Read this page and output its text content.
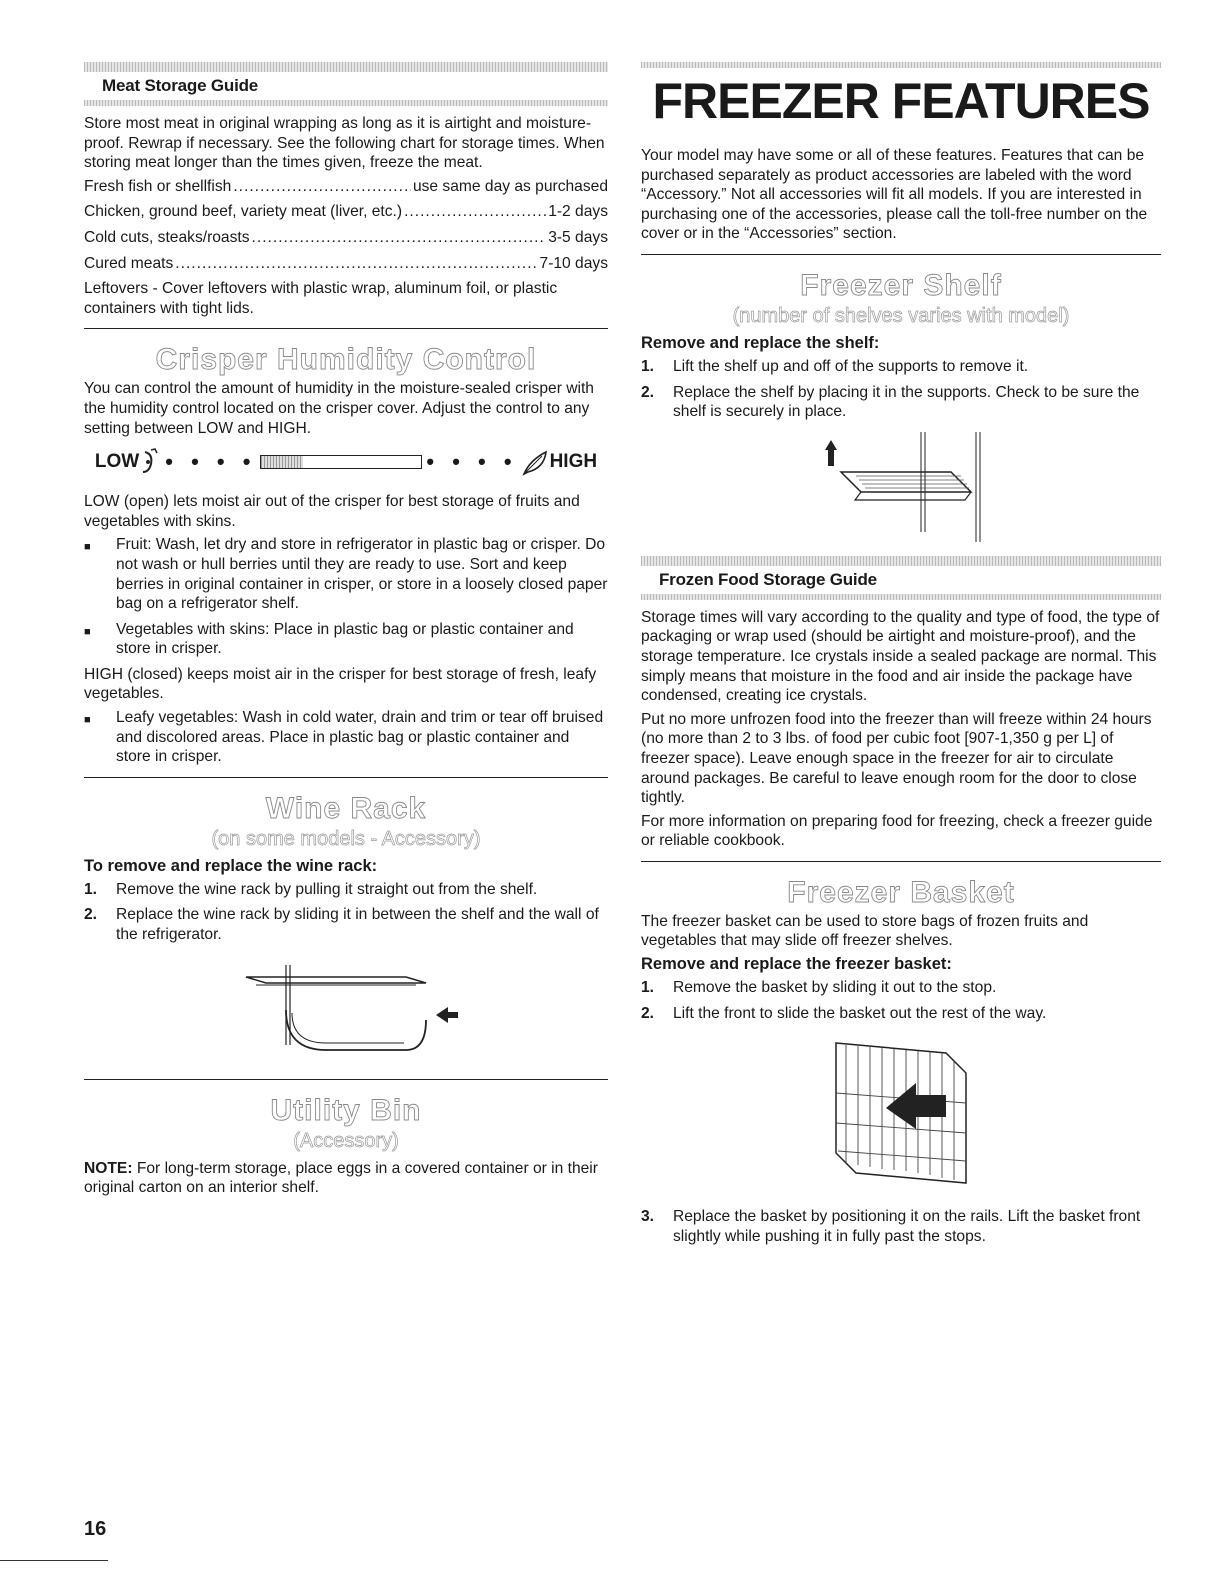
Meat Storage Guide

Store most meat in original wrapping as long as it is airtight and moisture-proof. Rewrap if necessary. See the following chart for storage times. When storing meat longer than the times given, freeze the meat.

Fresh fish or shellfish .....	use same day as purchased
Chicken, ground beef, variety meat (liver, etc.) .....	1-2 days
Cold cuts, steaks/roasts .....	3-5 days
Cured meats .....	7-10 days

Leftovers - Cover leftovers with plastic wrap, aluminum foil, or plastic containers with tight lids.

Crisper Humidity Control

You can control the amount of humidity in the moisture-sealed crisper with the humidity control located on the crisper cover. Adjust the control to any setting between LOW and HIGH.

LOW • • • •	• • • • HIGH

LOW (open) lets moist air out of the crisper for best storage of fruits and vegetables with skins.

■	Fruit: Wash, let dry and store in refrigerator in plastic bag or crisper. Do not wash or hull berries until they are ready to use. Sort and keep berries in original container in crisper, or store in a loosely closed paper bag on a refrigerator shelf.
■	Vegetables with skins: Place in plastic bag or plastic container and store in crisper.

HIGH (closed) keeps moist air in the crisper for best storage of fresh, leafy vegetables.

■	Leafy vegetables: Wash in cold water, drain and trim or tear off bruised and discolored areas. Place in plastic bag or plastic container and store in crisper.
Wine Rack
(on some models - Accessory)
To remove and replace the wine rack:
1.	Remove the wine rack by pulling it straight out from the shelf.
2.	Replace the wine rack by sliding it in between the shelf and the wall of the refrigerator.
Utility Bin
(Accessory)

NOTE: For long-term storage, place eggs in a covered container or in their original carton on an interior shelf.

FREEZER FEATURES

Your model may have some or all of these features. Features that can be purchased separately as product accessories are labeled with the word “Accessory.” Not all accessories will fit all models. If you are interested in purchasing one of the accessories, please call the toll-free number on the cover or in the “Accessories” section.

Freezer Shelf
(number of shelves varies with model)
Remove and replace the shelf:
1.	Lift the shelf up and off of the supports to remove it.
2.	Replace the shelf by placing it in the supports. Check to be sure the shelf is securely in place.
Frozen Food Storage Guide

Storage times will vary according to the quality and type of food, the type of packaging or wrap used (should be airtight and moisture-proof), and the storage temperature. Ice crystals inside a sealed package are normal. This simply means that moisture in the food and air inside the package have condensed, creating ice crystals.

Put no more unfrozen food into the freezer than will freeze within 24 hours (no more than 2 to 3 lbs. of food per cubic foot [907-1,350 g per L] of freezer space). Leave enough space in the freezer for air to circulate around packages. Be careful to leave enough room for the door to close tightly.

For more information on preparing food for freezing, check a freezer guide or reliable cookbook.

Freezer Basket

The freezer basket can be used to store bags of frozen fruits and vegetables that may slide off freezer shelves.

Remove and replace the freezer basket:
1.	Remove the basket by sliding it out to the stop.
2.	Lift the front to slide the basket out the rest of the way.
3.	Replace the basket by positioning it on the rails. Lift the basket front slightly while pushing it in fully past the stops.
16
